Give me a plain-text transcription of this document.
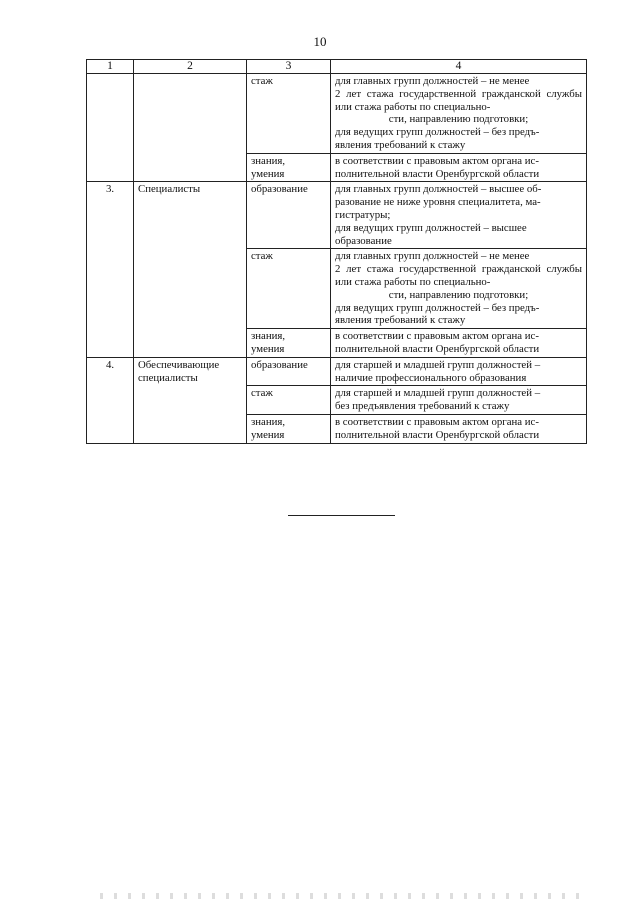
10
1	2	3	4
		стаж	для главных групп должностей – не менее
2 лет стажа государственной гражданской службы или стажа работы по специально-
сти, направлению подготовки;
для ведущих групп должностей – без предъ-
явления требований к стажу

		знания,
умения	в соответствии с правовым актом органа ис-
полнительной власти Оренбургской области

3.	Специалисты	образование	для главных групп должностей – высшее об-
разование не ниже уровня специалитета, ма-
гистратуры;
для ведущих групп должностей – высшее
образование

		стаж	для главных групп должностей – не менее
2 лет стажа государственной гражданской службы или стажа работы по специально-
сти, направлению подготовки;
для ведущих групп должностей – без предъ-
явления требований к стажу

		знания,
умения	в соответствии с правовым актом органа ис-
полнительной власти Оренбургской области

4.	Обеспечивающие
специалисты	образование	для старшей и младшей групп должностей –
наличие профессионального образования

		стаж	для старшей и младшей групп должностей –
без предъявления требований к стажу

		знания,
умения	в соответствии с правовым актом органа ис-
полнительной власти Оренбургской области
